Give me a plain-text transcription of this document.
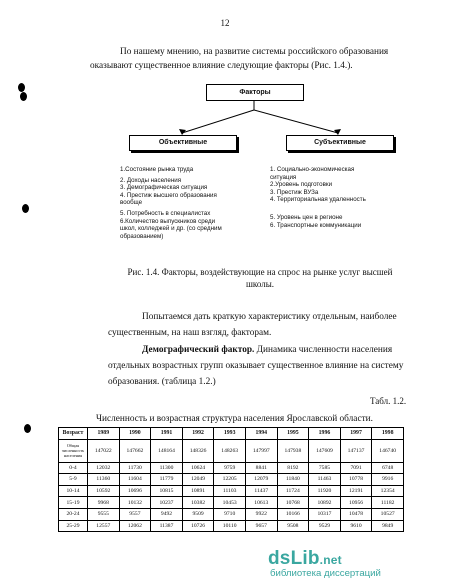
12
По нашему мнению, на развитие системы российского образования
оказывают существенное влияние следующие факторы (Рис. 1.4.).
Факторы
Объективные	Субъективные
1.Состояние рынка труда
2. Доходы населения
3. Демографическая ситуация
4. Престиж высшего образования
вообще
5. Потребность в специалистах
6.Количество выпускников среди
школ, колледжей и др. (со средним
образованием)
1. Социально-экономическая
ситуация
2.Уровень подготовки
3. Престиж ВУЗа
4. Территориальная удаленность
5. Уровень цен в регионе
6. Транспортные коммуникации
Рис. 1.4. Факторы, воздействующие на спрос на рынке услуг высшей
школы.
Попытаемся дать краткую характеристику отдельным, наиболее
существенным, на наш взгляд, факторам.
Демографический фактор. Динамика численности населения
отдельных возрастных групп оказывает существенное влияние на систему
образования. (таблица 1.2.)
Табл. 1.2.
Численность и возрастная структура населения Ярославской области.
Возраст	1989	1990	1991	1992	1993	1994	1995	1996	1997	1998
Общая численность населения	147022	147662	148164	148326	148263	147997	147938	147609	147137	146740
0-4	12032	11730	11300	10624	9759	8841	8192	7585	7091	6748
5-9	11360	11604	11779	12049	12205	12079	11840	11463	10778	9916
10-14	10592	10696	10815	10891	11103	11437	11724	11920	12191	12354
15-19	9968	10132	10237	10382	10453	10613	10768	10892	10956	11182
20-24	9555	9557	9492	9509	9710	9922	10166	10317	10478	10527
25-29	12557	12062	11387	10726	10110	9657	9508	9529	9610	9849
dsLib.net
библиотека диссертаций
